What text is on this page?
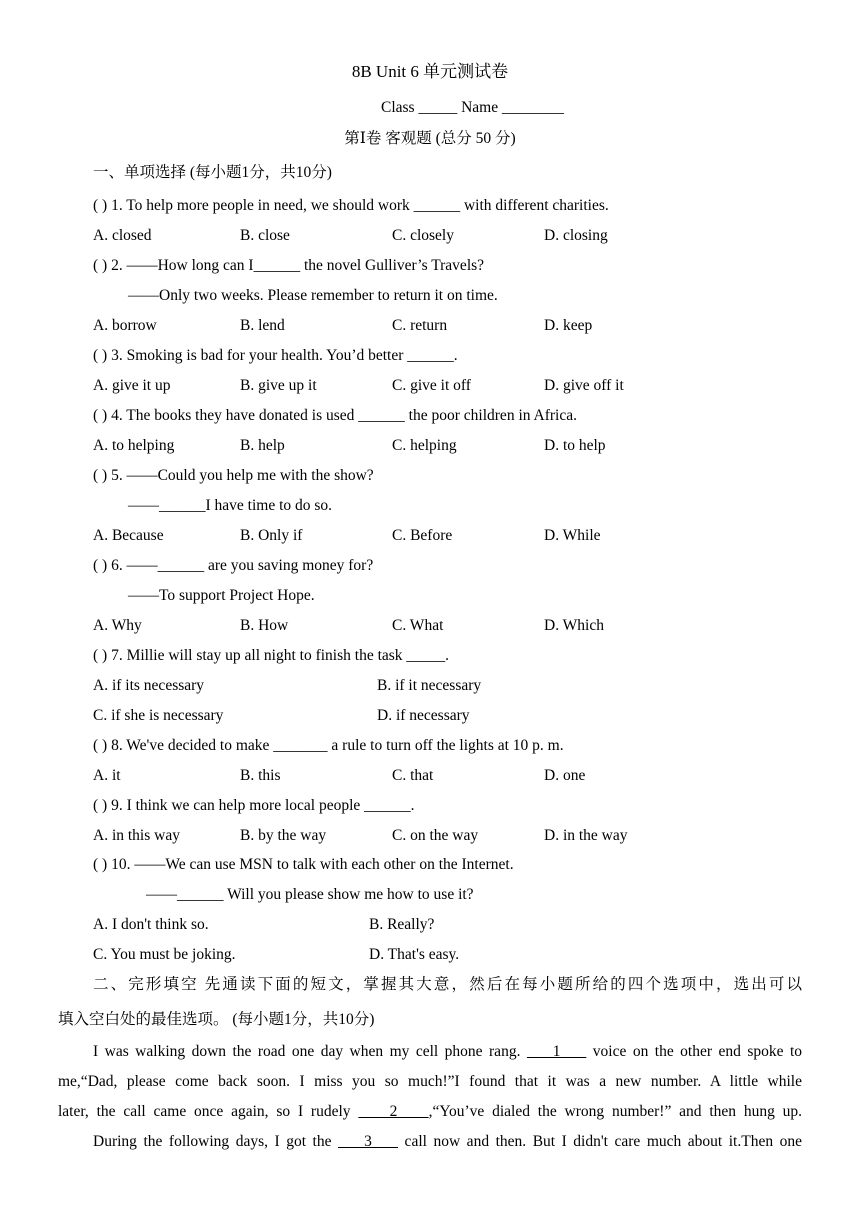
8B Unit 6 单元测试卷
Class _____ Name ________
第Ⅰ卷 客观题 (总分 50 分)
一、单项选择 (每小题1分，共10分)
( ) 1. To help more people in need, we should work ______ with different charities.
A. closed	B. close	C. closely	D. closing
( ) 2. ——How long can I______ the novel Gulliver’s Travels?
——Only two weeks. Please remember to return it on time.
A. borrow	B. lend	C. return	D. keep
( ) 3. Smoking is bad for your health. You’d better ______.
A. give it up	B. give up it	C. give it off	D. give off it
( ) 4. The books they have donated is used ______ the poor children in Africa.
A. to helping	B. help	C. helping	D. to help
( ) 5. ——Could you help me with the show?
——______I have time to do so.
A. Because	B. Only if	C. Before	D. While
( ) 6. ——______ are you saving money for?
——To support Project Hope.
A. Why	B. How	C. What	D. Which
( ) 7. Millie will stay up all night to finish the task _____.
A. if its necessary	B. if it necessary
C. if she is necessary	D. if necessary
( ) 8. We've decided to make _______ a rule to turn off the lights at 10 p. m.
A. it	B. this	C. that	D. one
( ) 9. I think we can help more local people ______.
A. in this way	B. by the way	C. on the way	D. in the way
( ) 10. ——We can use MSN to talk with each other on the Internet.
——______ Will you please show me how to use it?
A. I don't think so.	B. Really?
C. You must be joking.	D. That's easy.
二、完形填空 先通读下面的短文，掌握其大意，然后在每小题所给的四个选项中，选出可以
填入空白处的最佳选项。 (每小题1分，共10分)
I was walking down the road one day when my cell phone rang.     1     voice on the other end spoke to
me,“Dad, please come back soon. I miss you so much!”I found that it was a new number. A little while
later, the call came once again, so I rudely     2    ,“You’ve dialed the wrong number!” and then hung up.
During the following days, I got the     3     call now and then. But I didn't care much about it.Then one
